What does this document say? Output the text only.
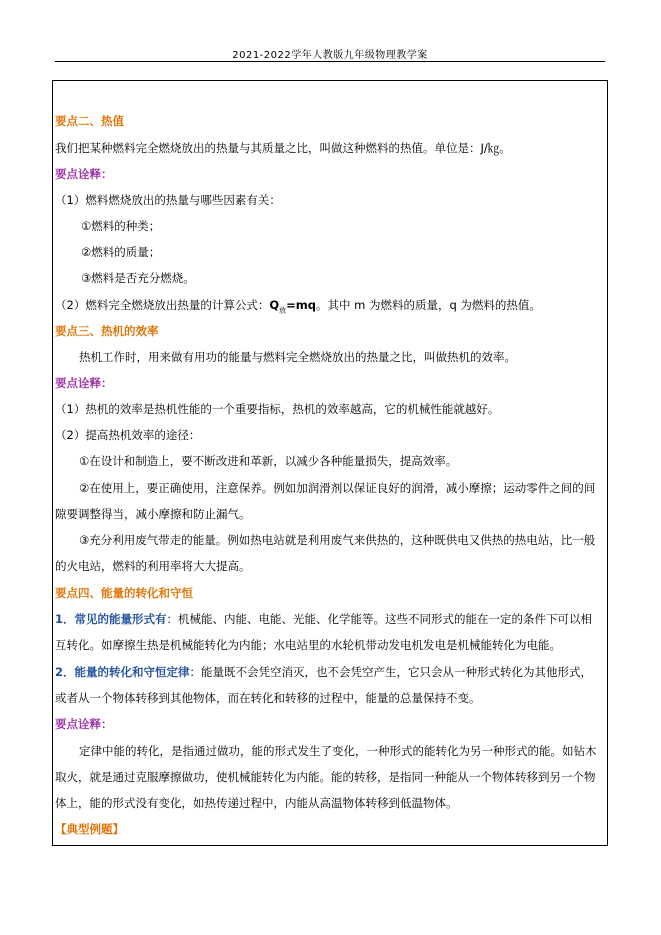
2021-2022学年人教版九年级物理教学案
要点二、热值
我们把某种燃料完全燃烧放出的热量与其质量之比，叫做这种燃料的热值。单位是：J/㎏。
要点诠释：
（1）燃料燃烧放出的热量与哪些因素有关：
①燃料的种类；
②燃料的质量；
③燃料是否充分燃烧。
（2）燃料完全燃烧放出热量的计算公式：$Q_放=mq$。其中 m 为燃料的质量，q 为燃料的热值。
要点三、热机的效率
热机工作时，用来做有用功的能量与燃料完全燃烧放出的热量之比，叫做热机的效率。
要点诠释：
（1）热机的效率是热机性能的一个重要指标，热机的效率越高，它的机械性能就越好。
（2）提高热机效率的途径：
①在设计和制造上，要不断改进和革新，以减少各种能量损失，提高效率。
②在使用上，要正确使用，注意保养。例如加润滑剂以保证良好的润滑，减小摩擦；运动零件之间的间
隙要调整得当，减小摩擦和防止漏气。
③充分利用废气带走的能量。例如热电站就是利用废气来供热的，这种既供电又供热的热电站，比一般
的火电站，燃料的利用率将大大提高。
要点四、能量的转化和守恒
1．常见的能量形式有：机械能、内能、电能、光能、化学能等。这些不同形式的能在一定的条件下可以相
互转化。如摩擦生热是机械能转化为内能；水电站里的水轮机带动发电机发电是机械能转化为电能。
2．能量的转化和守恒定律：能量既不会凭空消灭，也不会凭空产生，它只会从一种形式转化为其他形式，
或者从一个物体转移到其他物体，而在转化和转移的过程中，能量的总量保持不变。
要点诠释：
定律中能的转化，是指通过做功，能的形式发生了变化，一种形式的能转化为另一种形式的能。如钻木
取火，就是通过克服摩擦做功，使机械能转化为内能。能的转移，是指同一种能从一个物体转移到另一个物
体上，能的形式没有变化，如热传递过程中，内能从高温物体转移到低温物体。
【典型例题】
